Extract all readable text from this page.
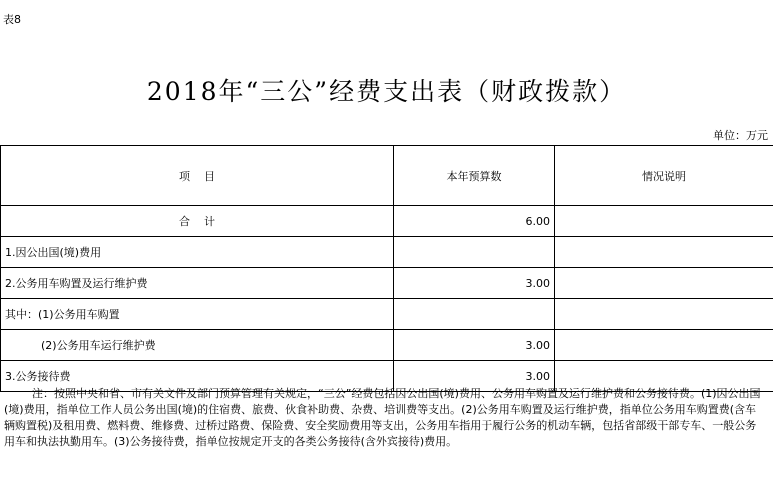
表8
2018年“三公”经费支出表（财政拨款）
单位：万元
项    目	本年预算数	情况说明
合    计	6.00	
1.因公出国(境)费用		
2.公务用车购置及运行维护费	3.00	
其中：(1)公务用车购置		
(2)公务用车运行维护费	3.00	
3.公务接待费	3.00	
注：按照中央和省、市有关文件及部门预算管理有关规定，“三公”经费包括因公出国(境)费用、公务用车购置及运行维护费和公务接待费。(1)因公出国(境)费用，指单位工作人员公务出国(境)的住宿费、旅费、伙食补助费、杂费、培训费等支出。(2)公务用车购置及运行维护费，指单位公务用车购置费(含车辆购置税)及租用费、燃料费、维修费、过桥过路费、保险费、安全奖励费用等支出，公务用车指用于履行公务的机动车辆，包括省部级干部专车、一般公务用车和执法执勤用车。(3)公务接待费，指单位按规定开支的各类公务接待(含外宾接待)费用。
